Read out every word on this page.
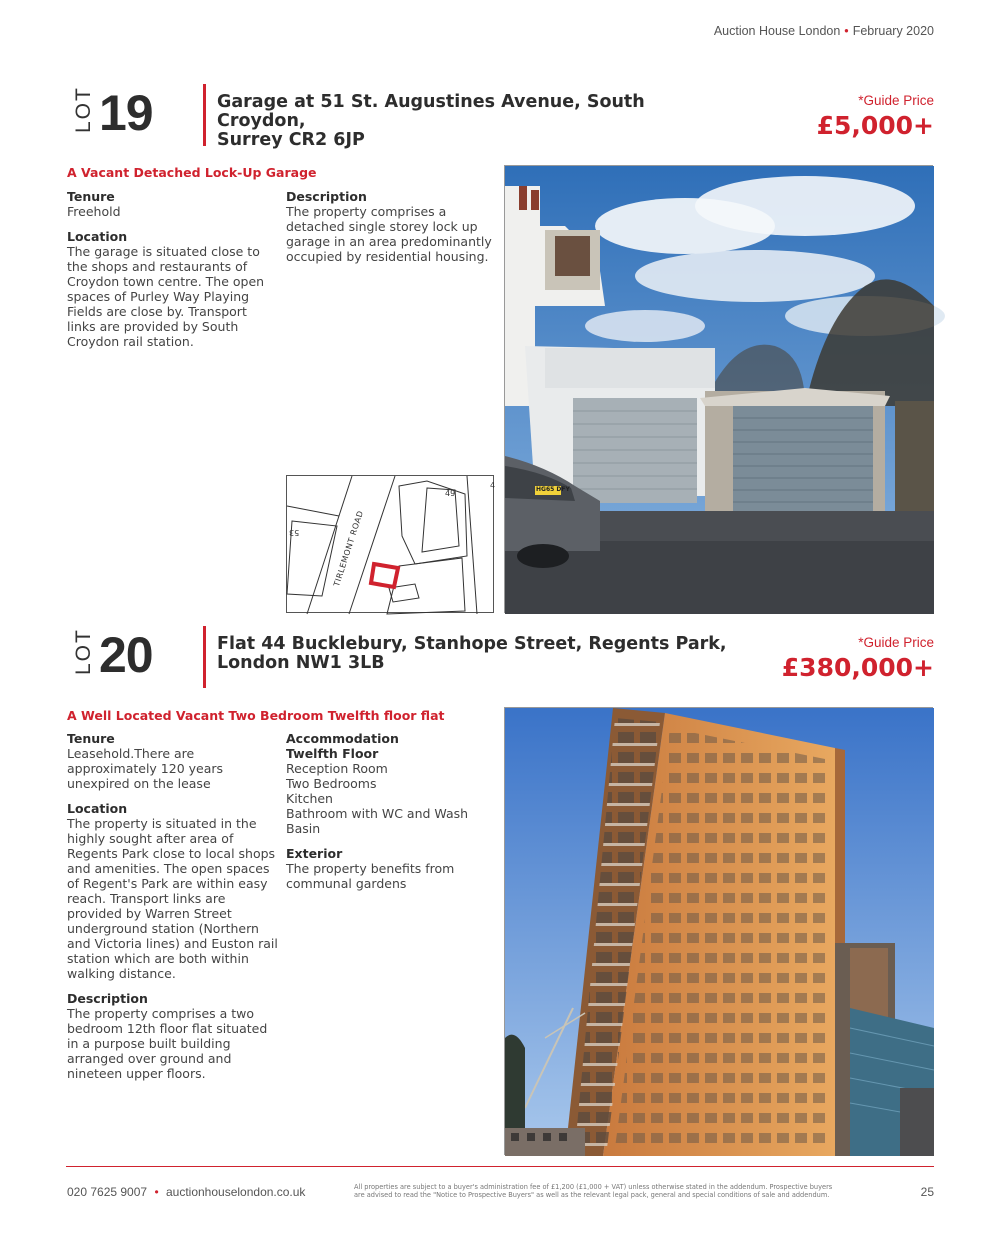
Auction House London • February 2020
LOT 19	Garage at 51 St. Augustines Avenue, South Croydon,
Surrey CR2 6JP
*Guide Price
£5,000+
A Vacant Detached Lock-Up Garage
Tenure

Freehold

Location

The garage is situated close to the shops and restaurants of Croydon town centre. The open spaces of Purley Way Playing Fields are close by. Transport links are provided by South Croydon rail station.

Description

The property comprises a detached single storey lock up garage in an area predominantly occupied by residential housing.

TIRLEMONT ROAD
49
53
4	HG65 DFY
LOT 20	Flat 44 Bucklebury, Stanhope Street, Regents Park,
London NW1 3LB
*Guide Price
£380,000+
A Well Located Vacant Two Bedroom Twelfth floor flat
Tenure

Leasehold.There are approximately 120 years unexpired on the lease

Location

The property is situated in the highly sought after area of Regents Park close to local shops and amenities. The open spaces of Regent's Park are within easy reach. Transport links are provided by Warren Street underground station (Northern and Victoria lines) and Euston rail station which are both within walking distance.

Description

The property comprises a two bedroom 12th floor flat situated in a purpose built building arranged over ground and nineteen upper floors.

Accommodation
Twelfth Floor
Reception Room
Two Bedrooms
Kitchen

Bathroom with WC and Wash Basin

Exterior

The property benefits from communal gardens

020 7625 9007 • auctionhouselondon.co.uk	All properties are subject to a buyer's administration fee of £1,200 (£1,000 + VAT) unless otherwise stated in the addendum. Prospective buyers are advised to read the "Notice to Prospective Buyers" as well as the relevant legal pack, general and special conditions of sale and addendum.	25
